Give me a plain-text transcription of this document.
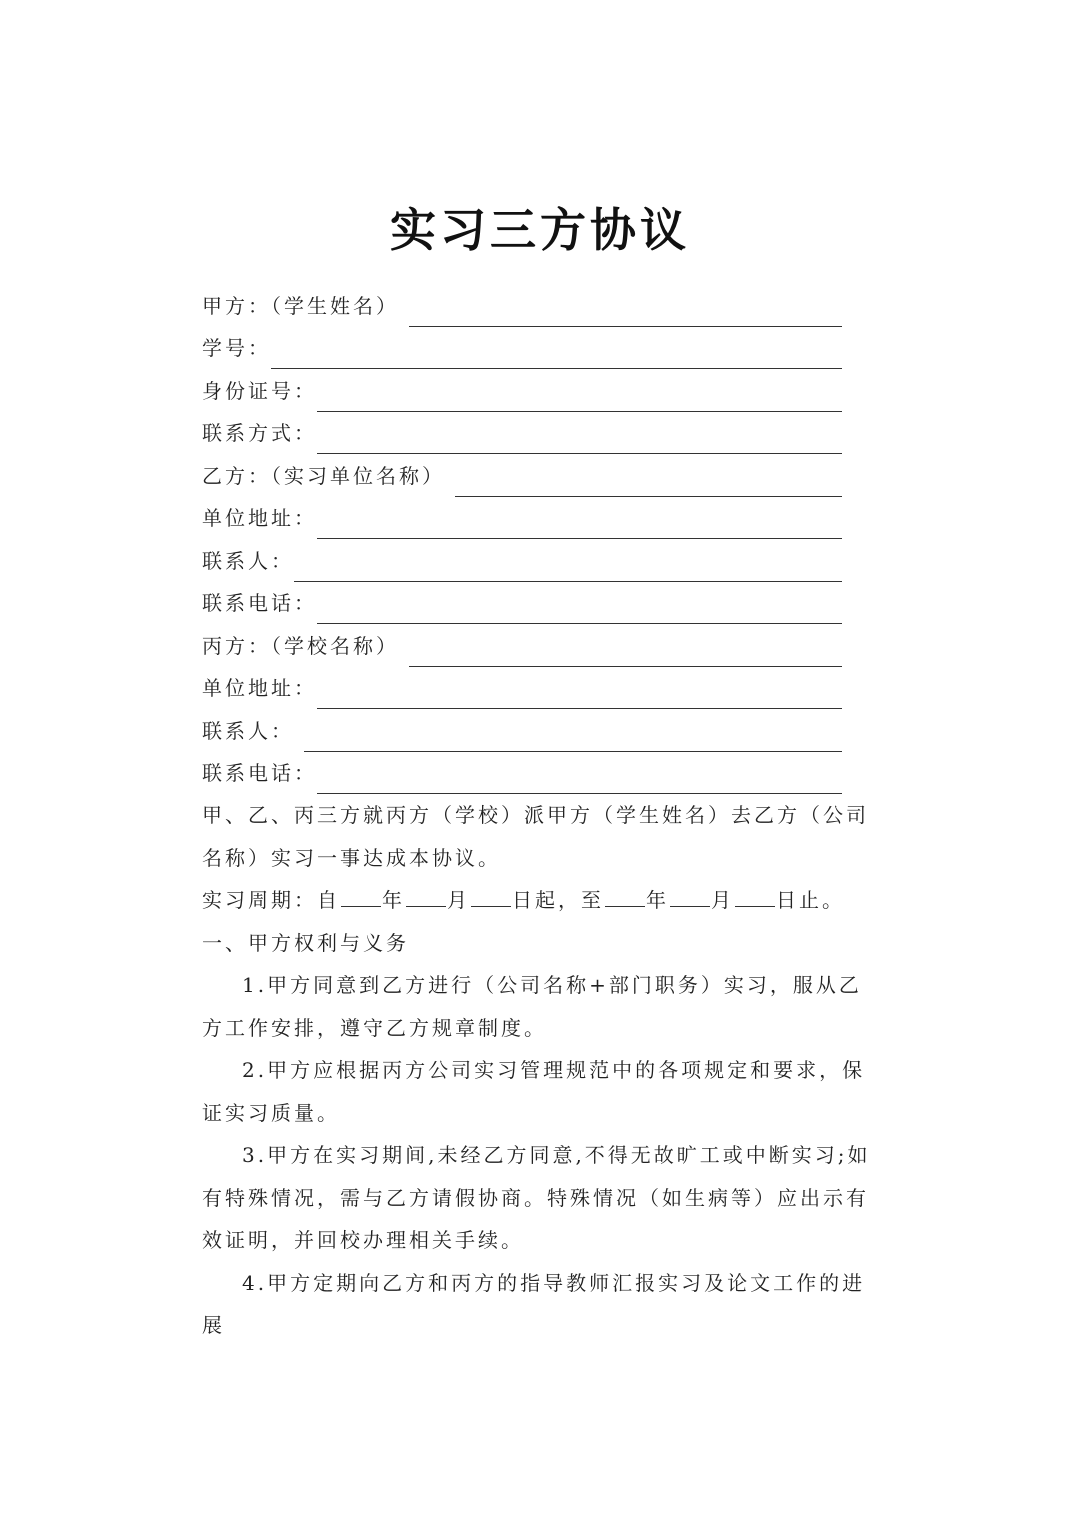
实习三方协议
甲方：（学生姓名）
学号：
身份证号：
联系方式：
乙方：（实习单位名称）
单位地址：
联系人：
联系电话：
丙方：（学校名称）
单位地址：
联系人：
联系电话：
甲、乙、丙三方就丙方（学校）派甲方（学生姓名）去乙方（公司名称）实习一事达成本协议。
实习周期：自 年 月 日起，至 年 月 日止。
一、甲方权利与义务
1.甲方同意到乙方进行（公司名称+部门职务）实习，服从乙方工作安排，遵守乙方规章制度。
2.甲方应根据丙方公司实习管理规范中的各项规定和要求，保证实习质量。
3.甲方在实习期间,未经乙方同意,不得无故旷工或中断实习;如有特殊情况，需与乙方请假协商。特殊情况（如生病等）应出示有效证明，并回校办理相关手续。
4.甲方定期向乙方和丙方的指导教师汇报实习及论文工作的进展
